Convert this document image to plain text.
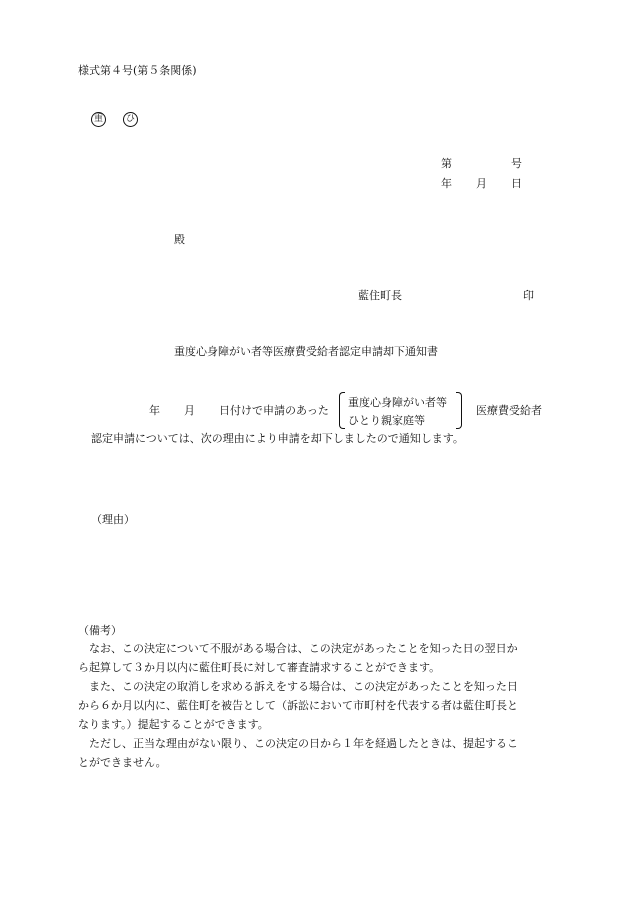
様式第４号(第５条関係)
重	ひ
第	号
年 月 日
殿
藍住町長	印
重度心身障がい者等医療費受給者認定申請却下通知書
年 月 日付けで申請のあった
重度心身障がい者等
ひとり親家庭等
医療費受給者
認定申請については、次の理由により申請を却下しましたので通知します。
（理由）
（備考）
　なお、この決定について不服がある場合は、この決定があったことを知った日の翌日か
ら起算して３か月以内に藍住町長に対して審査請求することができます。
　また、この決定の取消しを求める訴えをする場合は、この決定があったことを知った日
から６か月以内に、藍住町を被告として（訴訟において市町村を代表する者は藍住町長と
なります。）提起することができます。
　ただし、正当な理由がない限り、この決定の日から１年を経過したときは、提起するこ
とができません。
